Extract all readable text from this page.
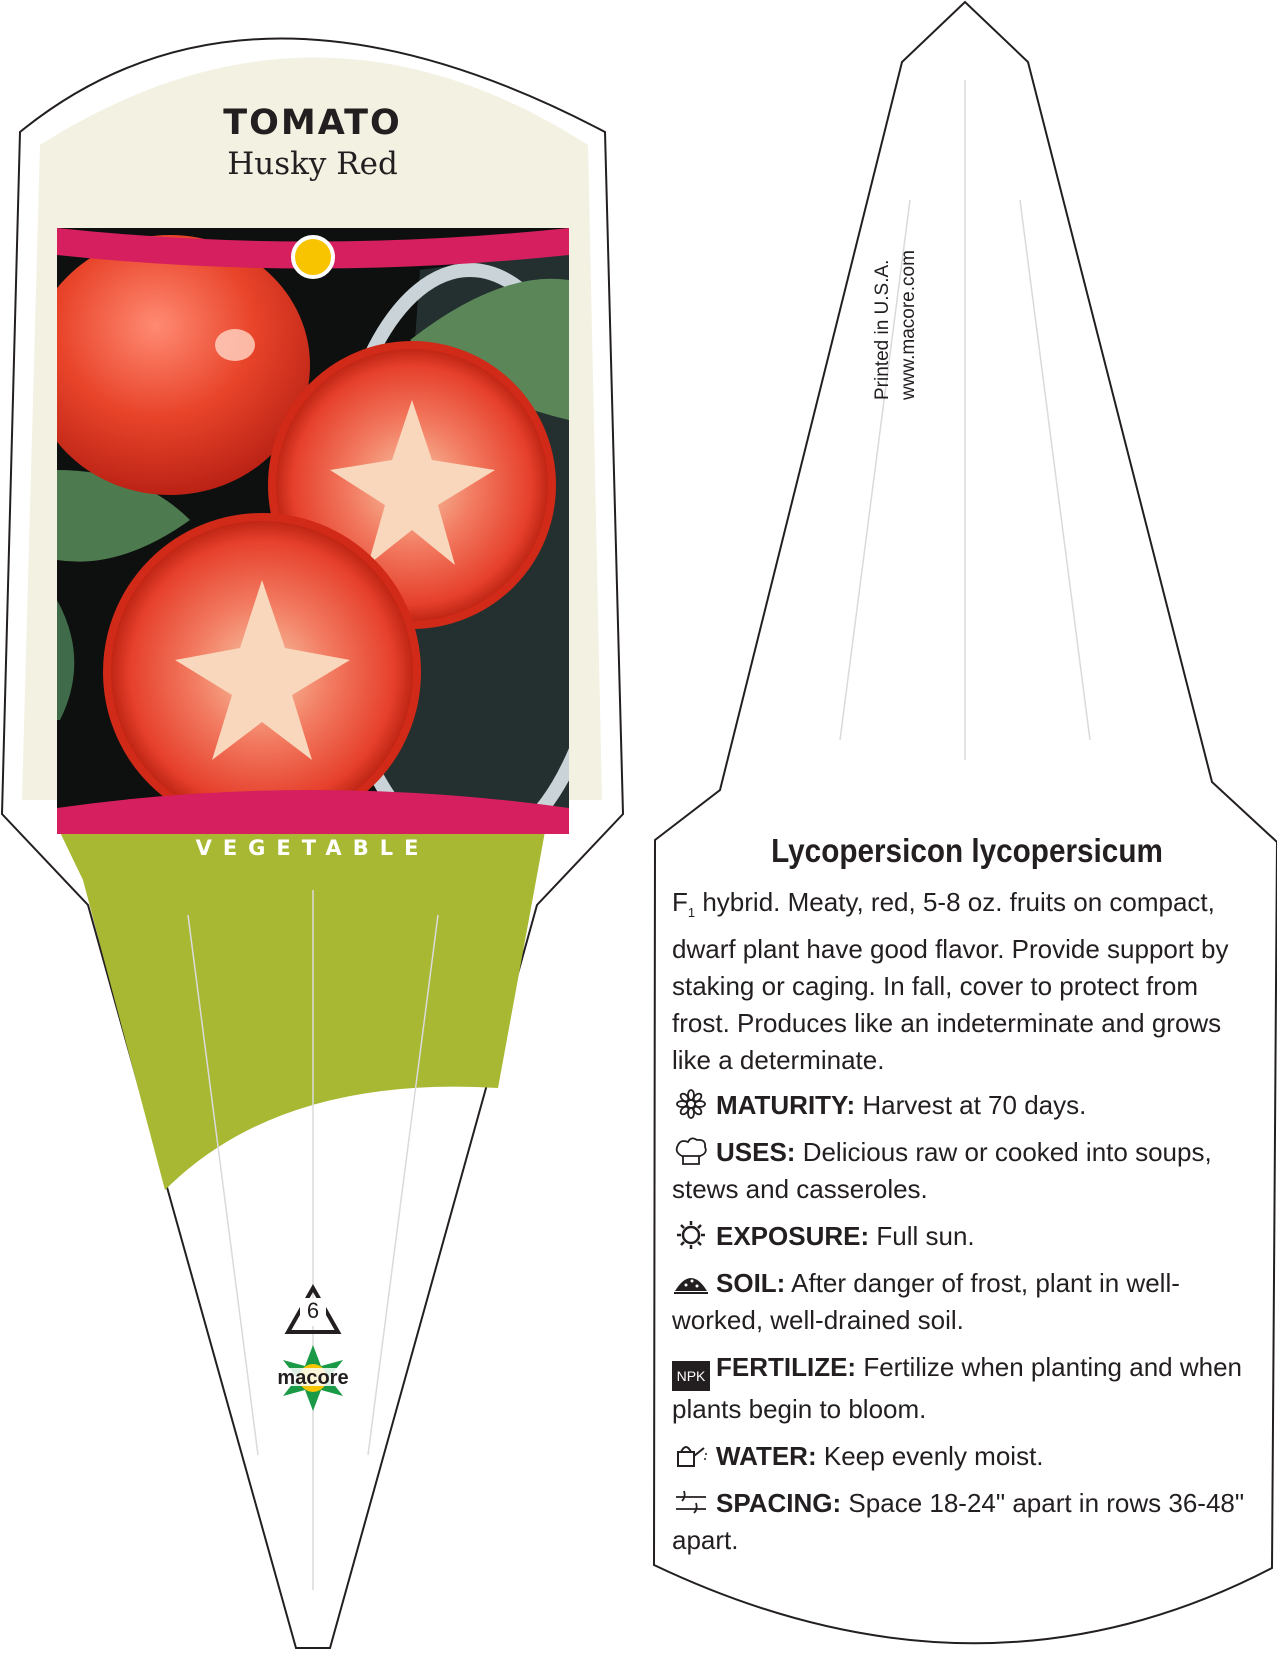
TOMATO
Husky Red
VEGETABLE
6
macore
Printed in U.S.A. www.macore.com
Lycopersicon lycopersicum
$F_1$ hybrid. Meaty, red, 5-8 oz. fruits on compact, dwarf plant have good flavor. Provide support by staking or caging. In fall, cover to protect from frost. Produces like an indeterminate and grows like a determinate.
MATURITY: Harvest at 70 days.
USES: Delicious raw or cooked into soups, stews and casseroles.
EXPOSURE: Full sun.
SOIL: After danger of frost, plant in well-worked, well-drained soil.
NPK FERTILIZE: Fertilize when planting and when plants begin to bloom.
WATER: Keep evenly moist.
SPACING: Space 18-24" apart in rows 36-48" apart.
